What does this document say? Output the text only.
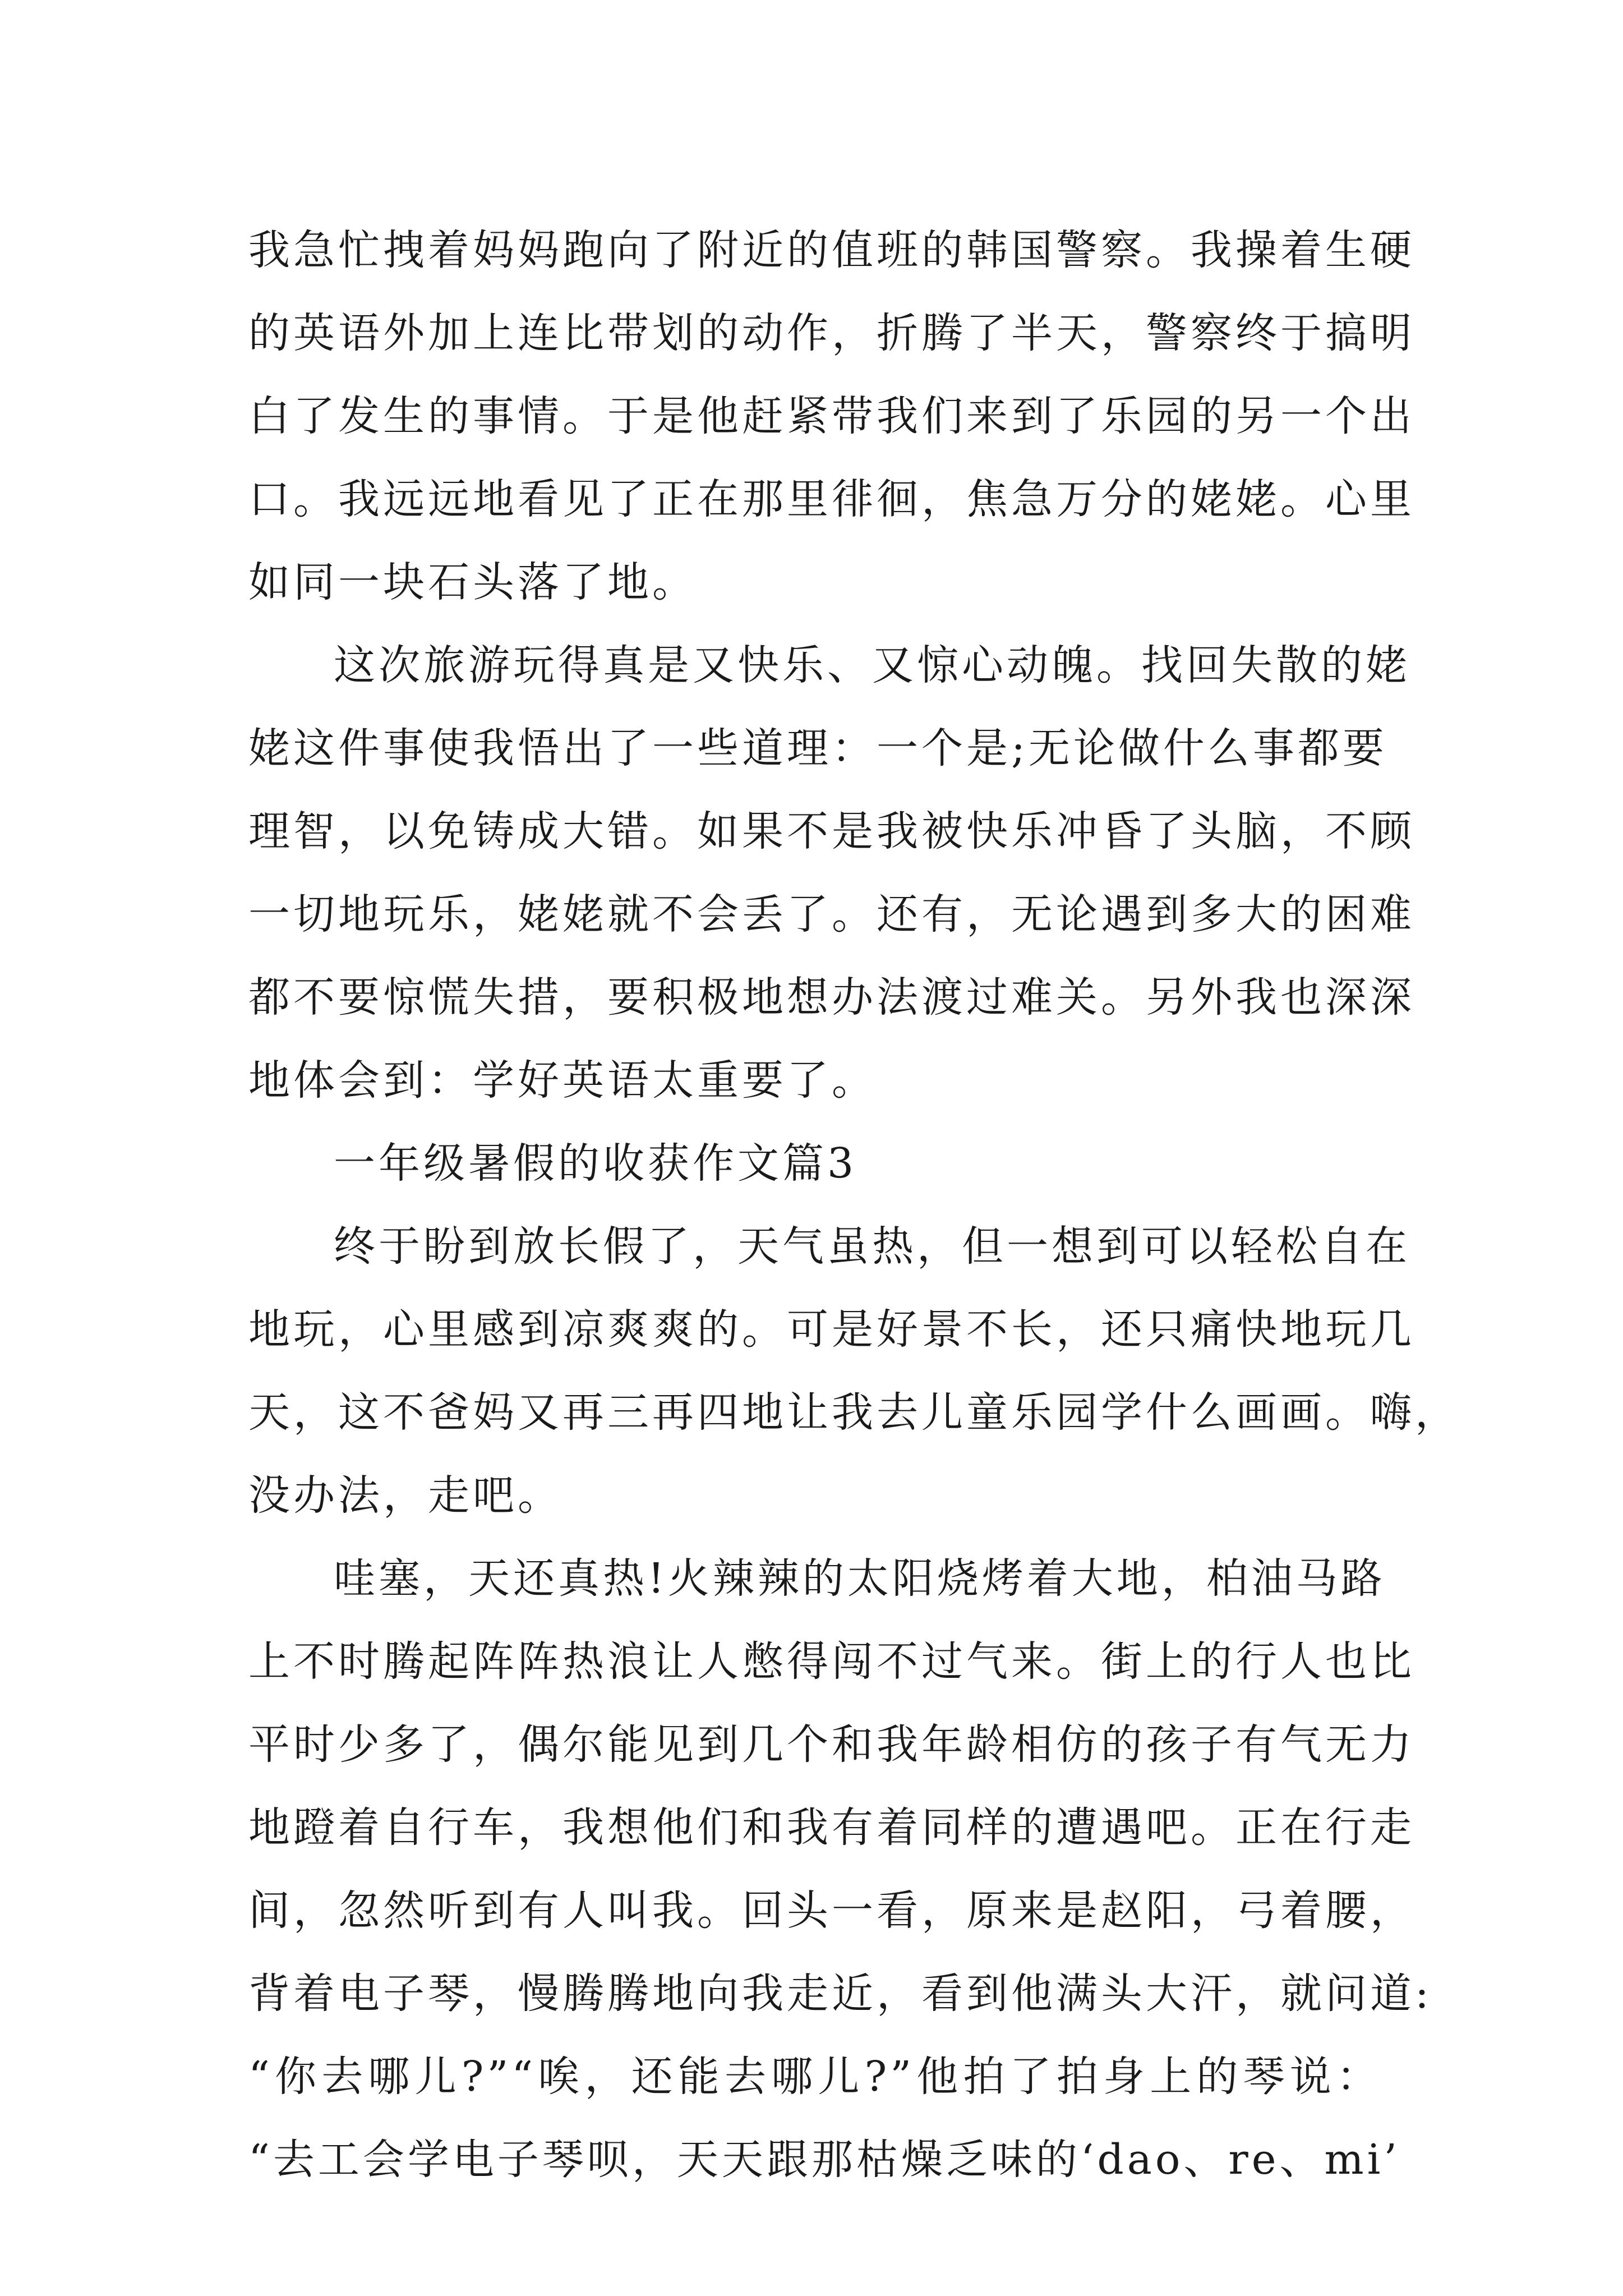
我急忙拽着妈妈跑向了附近的值班的韩国警察。我操着生硬
的英语外加上连比带划的动作，折腾了半天，警察终于搞明
白了发生的事情。于是他赶紧带我们来到了乐园的另一个出
口。我远远地看见了正在那里徘徊，焦急万分的姥姥。心里
如同一块石头落了地。
这次旅游玩得真是又快乐、又惊心动魄。找回失散的姥
姥这件事使我悟出了一些道理：一个是;无论做什么事都要
理智，以免铸成大错。如果不是我被快乐冲昏了头脑，不顾
一切地玩乐，姥姥就不会丢了。还有，无论遇到多大的困难
都不要惊慌失措，要积极地想办法渡过难关。另外我也深深
地体会到：学好英语太重要了。
一年级暑假的收获作文篇3
终于盼到放长假了，天气虽热，但一想到可以轻松自在
地玩，心里感到凉爽爽的。可是好景不长，还只痛快地玩几
天，这不爸妈又再三再四地让我去儿童乐园学什么画画。嗨，
没办法，走吧。
哇塞，天还真热!火辣辣的太阳烧烤着大地，柏油马路
上不时腾起阵阵热浪让人憋得闯不过气来。街上的行人也比
平时少多了，偶尔能见到几个和我年龄相仿的孩子有气无力
地蹬着自行车，我想他们和我有着同样的遭遇吧。正在行走
间，忽然听到有人叫我。回头一看，原来是赵阳，弓着腰，
背着电子琴，慢腾腾地向我走近，看到他满头大汗，就问道:
“你去哪儿?”“唉，还能去哪儿?”他拍了拍身上的琴说：
“去工会学电子琴呗，天天跟那枯燥乏味的‘dao、re、mi’
